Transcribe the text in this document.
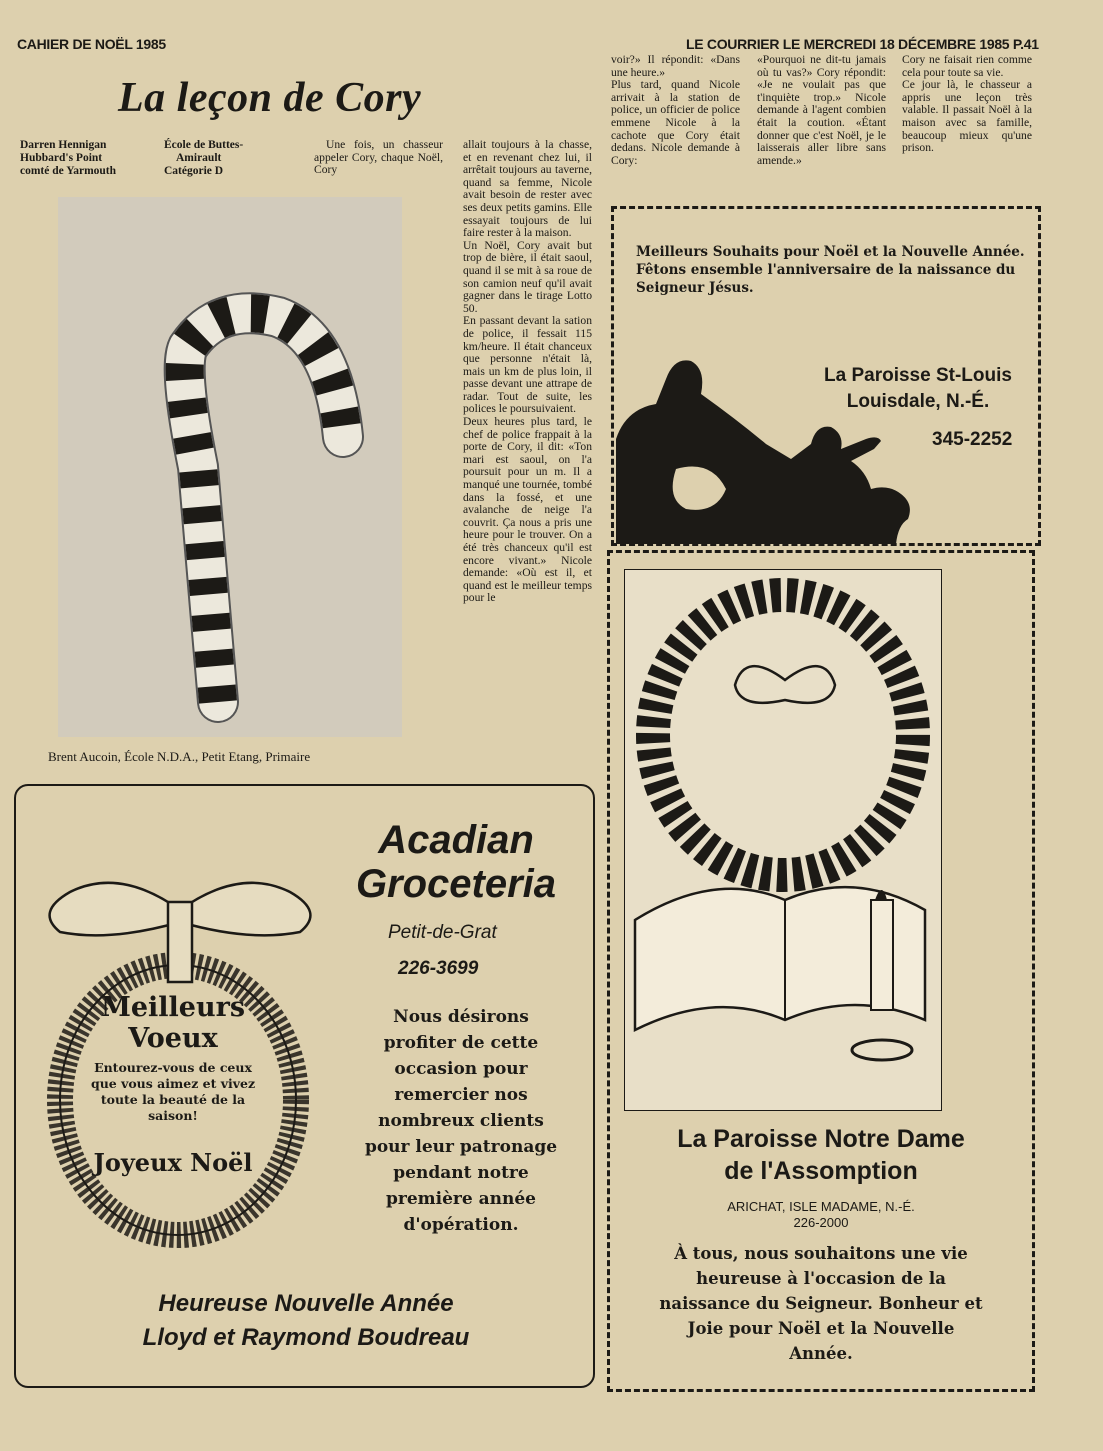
CAHIER DE NOËL 1985	LE COURRIER LE MERCREDI 18 DÉCEMBRE 1985 P.41
La leçon de Cory
Darren Hennigan
Hubbard's Point
comté de Yarmouth
École de Buttes-
Amirault
Catégorie D
Une fois, un chasseur appeler Cory, chaque Noël, Cory
allait toujours à la chasse, et en revenant chez lui, il arrêtait toujours au taverne, quand sa femme, Nicole avait besoin de rester avec ses deux petits gamins. Elle essayait toujours de lui faire rester à la maison.
Un Noël, Cory avait but trop de bière, il était saoul, quand il se mit à sa roue de son camion neuf qu'il avait gagner dans le tirage Lotto 50.
En passant devant la sation de police, il fessait 115 km/heure. Il était chanceux que personne n'était là, mais un km de plus loin, il passe devant une attrape de radar. Tout de suite, les polices le poursuivaient.
Deux heures plus tard, le chef de police frappait à la porte de Cory, il dit: «Ton mari est saoul, on l'a poursuit pour un m. Il a manqué une tournée, tombé dans la fossé, et une avalanche de neige l'a couvrit. Ça nous a pris une heure pour le trouver. On a été très chanceux qu'il est encore vivant.» Nicole demande: «Où est il, et quand est le meilleur temps pour le
voir?» Il répondit: «Dans une heure.»
Plus tard, quand Nicole arrivait à la station de police, un officier de police emmene Nicole à la cachote que Cory était dedans. Nicole demande à Cory:
«Pourquoi ne dit-tu jamais où tu vas?» Cory répondit: «Je ne voulait pas que t'inquiète trop.» Nicole demande à l'agent combien était la coution. «Étant donner que c'est Noël, je le laisserais aller libre sans amende.»
Cory ne faisait rien comme cela pour toute sa vie.
Ce jour là, le chasseur a appris une leçon très valable. Il passait Noël à la maison avec sa famille, beaucoup mieux qu'une prison.
Brent Aucoin, École N.D.A., Petit Etang, Primaire
Meilleurs Souhaits pour Noël et la Nouvelle Année.
Fêtons ensemble l'anniversaire de la naissance du Seigneur Jésus.
La Paroisse St-Louis
Louisdale, N.-É.
345-2252
Meilleurs Voeux
Entourez-vous de ceux que vous aimez et vivez toute la beauté de la saison!
Joyeux Noël
Acadian Groceteria
Petit-de-Grat
226-3699
Nous désirons profiter de cette occasion pour remercier nos nombreux clients pour leur patronage pendant notre première année d'opération.
Heureuse Nouvelle Année
Lloyd et Raymond Boudreau
La Paroisse Notre Dame
de l'Assomption
ARICHAT, ISLE MADAME, N.-É.
226-2000
À tous, nous souhaitons une vie heureuse à l'occasion de la naissance du Seigneur. Bonheur et Joie pour Noël et la Nouvelle Année.
